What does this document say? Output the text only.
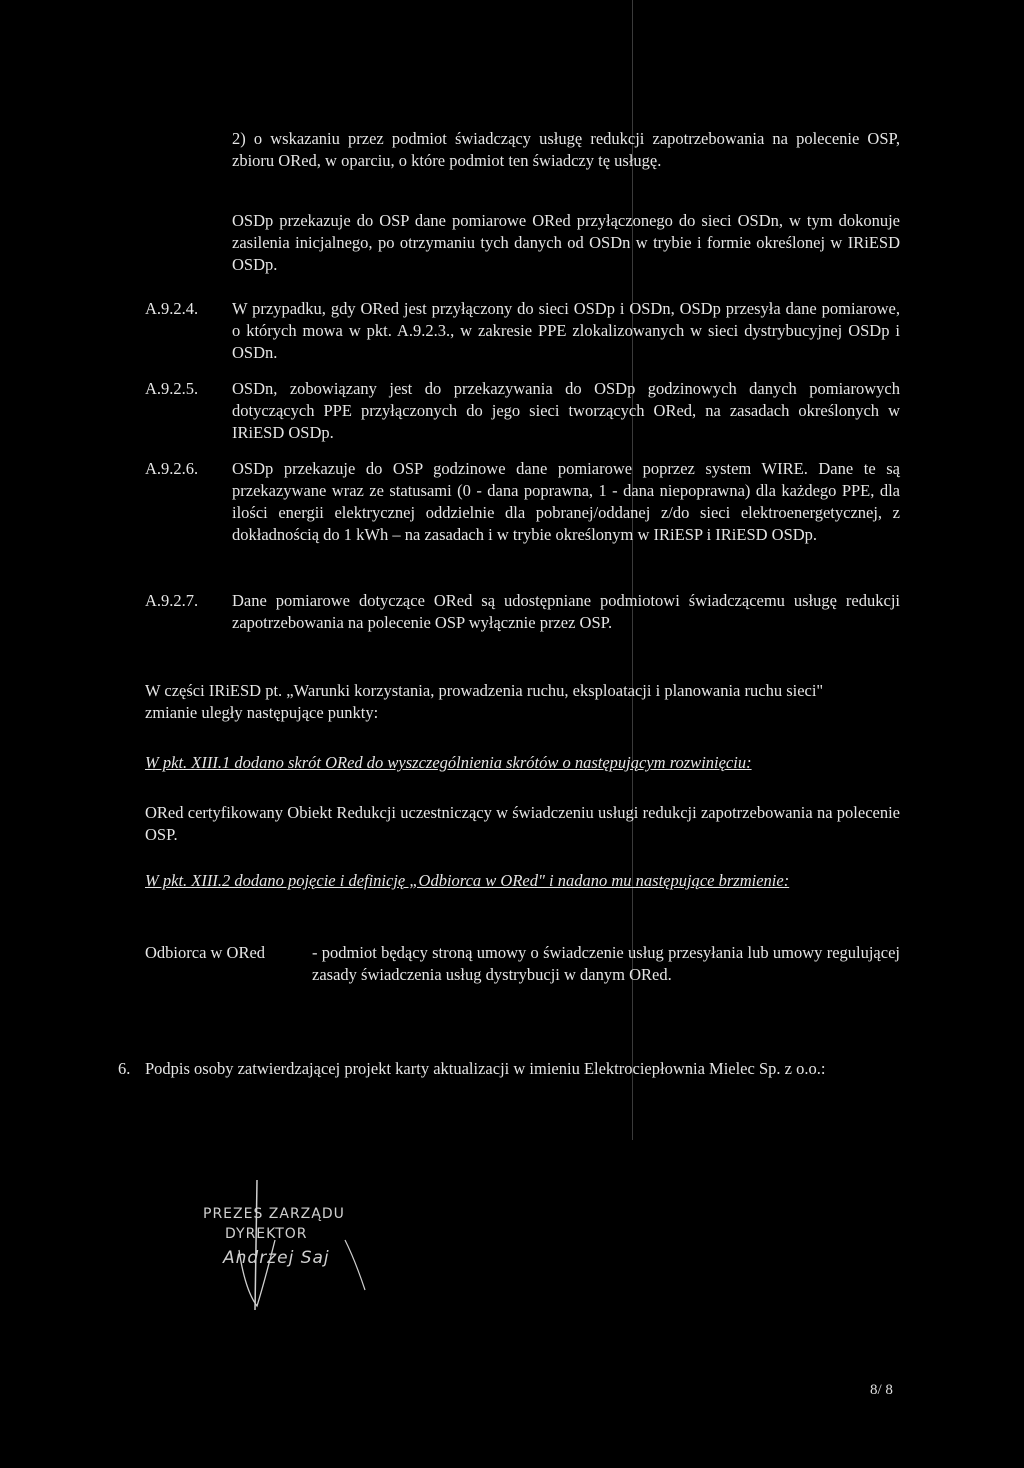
2) o wskazaniu przez podmiot świadczący usługę redukcji zapotrzebowania na polecenie OSP, zbioru ORed, w oparciu, o które podmiot ten świadczy tę usługę.

OSDp przekazuje do OSP dane pomiarowe ORed przyłączonego do sieci OSDn, w tym dokonuje zasilenia inicjalnego, po otrzymaniu tych danych od OSDn w trybie i formie określonej w IRiESD OSDp.

A.9.2.4. W przypadku, gdy ORed jest przyłączony do sieci OSDp i OSDn, OSDp przesyła dane pomiarowe, o których mowa w pkt. A.9.2.3., w zakresie PPE zlokalizowanych w sieci dystrybucyjnej OSDp i OSDn.

A.9.2.5. OSDn, zobowiązany jest do przekazywania do OSDp godzinowych danych pomiarowych dotyczących PPE przyłączonych do jego sieci tworzących ORed, na zasadach określonych w IRiESD OSDp.

A.9.2.6. OSDp przekazuje do OSP godzinowe dane pomiarowe poprzez system WIRE. Dane te są przekazywane wraz ze statusami (0 - dana poprawna, 1 - dana niepoprawna) dla każdego PPE, dla ilości energii elektrycznej oddzielnie dla pobranej/oddanej z/do sieci elektroenergetycznej, z dokładnością do 1 kWh – na zasadach i w trybie określonym w IRiESP i IRiESD OSDp.

A.9.2.7. Dane pomiarowe dotyczące ORed są udostępniane podmiotowi świadczącemu usługę redukcji zapotrzebowania na polecenie OSP wyłącznie przez OSP.

W części IRiESD pt. „Warunki korzystania, prowadzenia ruchu, eksploatacji i planowania ruchu sieci" zmianie uległy następujące punkty:

W pkt. XIII.1 dodano skrót ORed do wyszczególnienia skrótów o następującym rozwinięciu:

ORed certyfikowany Obiekt Redukcji uczestniczący w świadczeniu usługi redukcji zapotrzebowania na polecenie OSP.

W pkt. XIII.2 dodano pojęcie i definicję „Odbiorca w ORed" i nadano mu następujące brzmienie:

Odbiorca w ORed	- podmiot będący stroną umowy o świadczenie usług przesyłania lub umowy regulującej zasady świadczenia usług dystrybucji w danym ORed.

6. Podpis osoby zatwierdzającej projekt karty aktualizacji w imieniu Elektrociepłownia Mielec Sp. z o.o.:

PREZES ZARZĄDU
DYREKTOR
Andrzej Saj
8/ 8
